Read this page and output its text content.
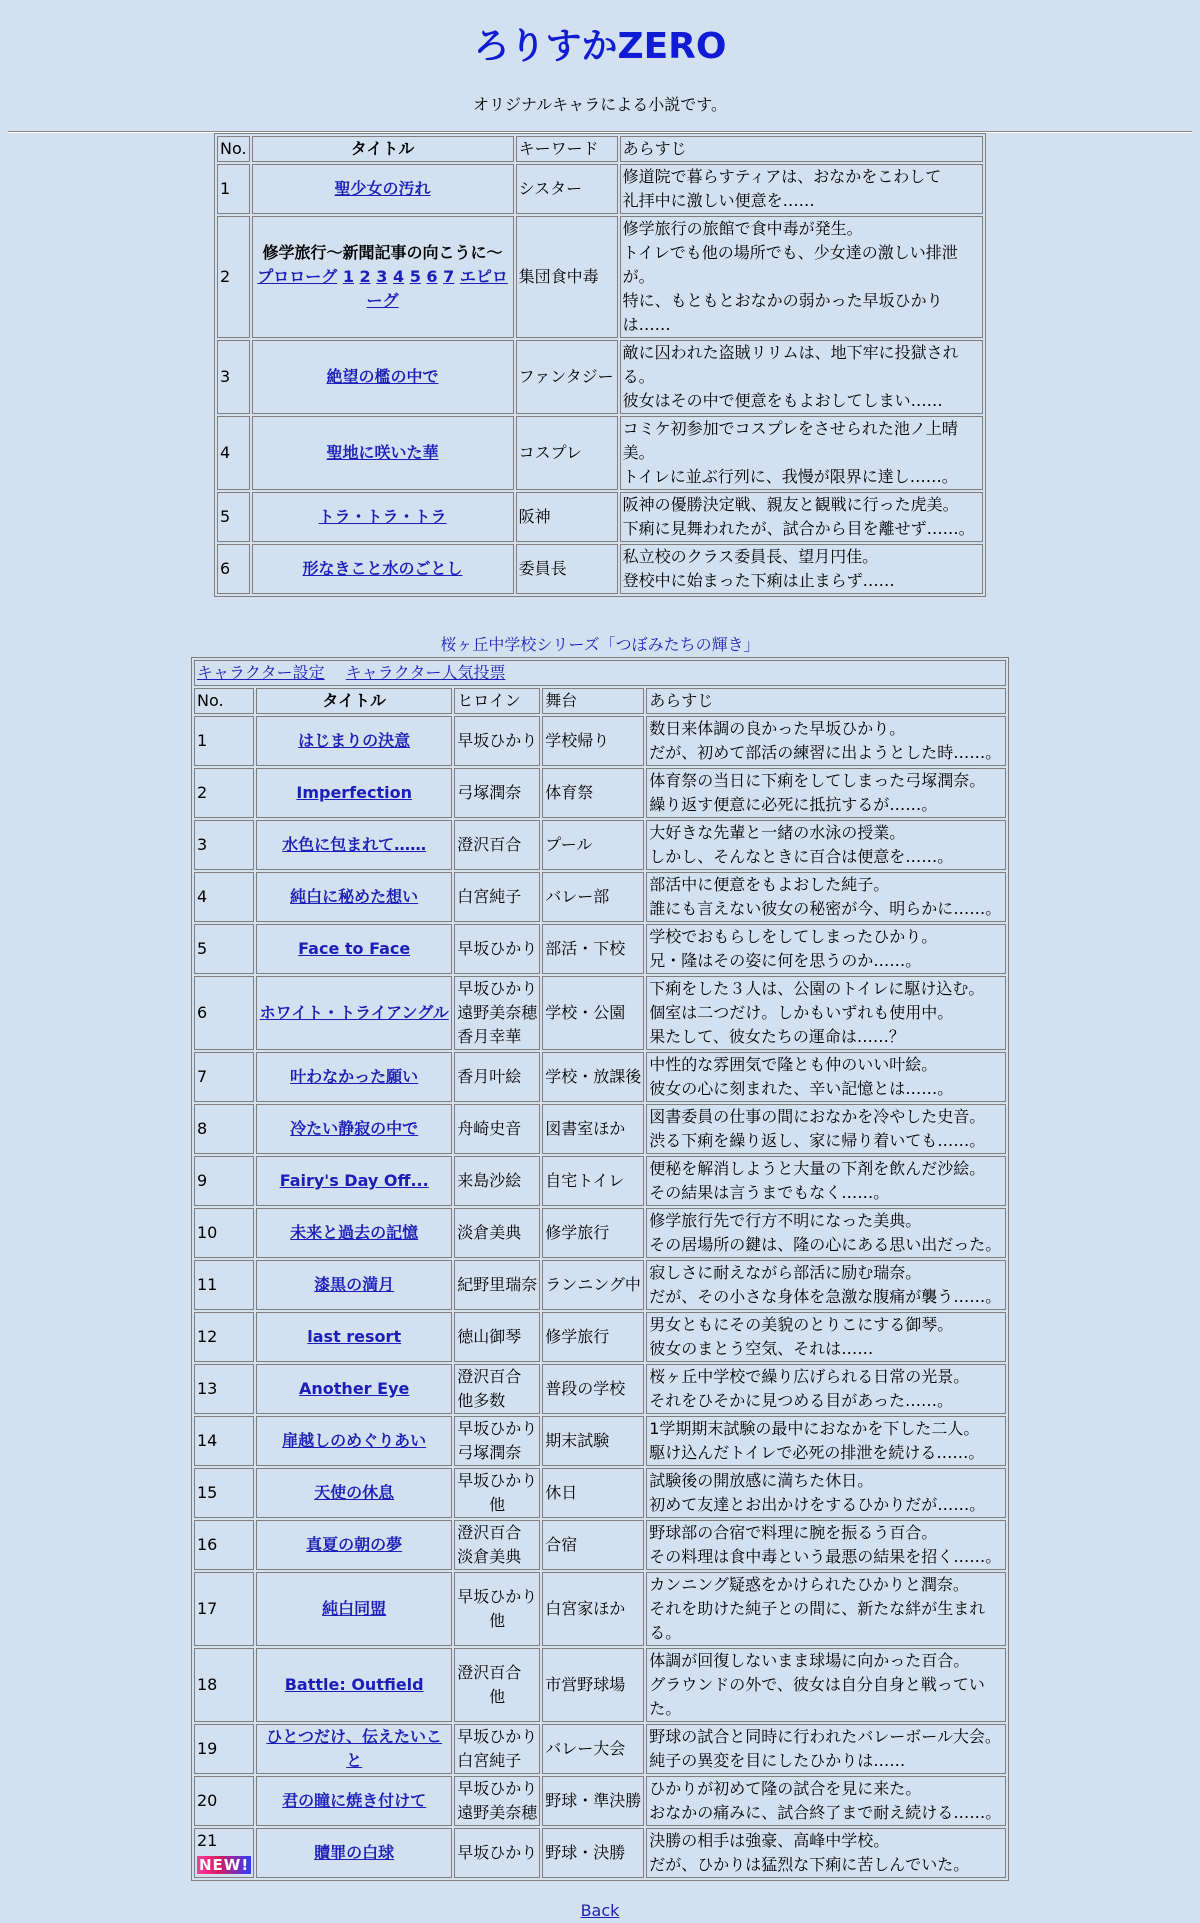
ろりすかZERO

オリジナルキャラによる小説です。

No.	タイトル	キーワード	あらすじ
1	聖少女の汚れ	シスター	修道院で暮らすティアは、おなかをこわして
礼拝中に激しい便意を……
2	修学旅行〜新聞記事の向こうに〜
プロローグ 1 2 3 4 5 6 7 エピローグ	集団食中毒	修学旅行の旅館で食中毒が発生。
トイレでも他の場所でも、少女達の激しい排泄が。
特に、もともとおなかの弱かった早坂ひかりは……
3	絶望の檻の中で	ファンタジー	敵に囚われた盗賊リリムは、地下牢に投獄される。
彼女はその中で便意をもよおしてしまい……
4	聖地に咲いた華	コスプレ	コミケ初参加でコスプレをさせられた池ノ上晴美。
トイレに並ぶ行列に、我慢が限界に達し……。
5	トラ・トラ・トラ	阪神	阪神の優勝決定戦、親友と観戦に行った虎美。
下痢に見舞われたが、試合から目を離せず……。
6	形なきこと水のごとし	委員長	私立校のクラス委員長、望月円佳。
登校中に始まった下痢は止まらず……
桜ヶ丘中学校シリーズ「つぼみたちの輝き」
キャラクター設定 キャラクター人気投票				
No.	タイトル	ヒロイン	舞台	あらすじ
1	はじまりの決意	早坂ひかり	学校帰り	数日来体調の良かった早坂ひかり。
だが、初めて部活の練習に出ようとした時……。
2	Imperfection	弓塚潤奈	体育祭	体育祭の当日に下痢をしてしまった弓塚潤奈。
繰り返す便意に必死に抵抗するが……。
3	水色に包まれて……	澄沢百合	プール	大好きな先輩と一緒の水泳の授業。
しかし、そんなときに百合は便意を……。
4	純白に秘めた想い	白宮純子	バレー部	部活中に便意をもよおした純子。
誰にも言えない彼女の秘密が今、明らかに……。
5	Face to Face	早坂ひかり	部活・下校	学校でおもらしをしてしまったひかり。
兄・隆はその姿に何を思うのか……。
6	ホワイト・トライアングル	早坂ひかり
遠野美奈穂
香月幸華	学校・公園	下痢をした３人は、公園のトイレに駆け込む。
個室は二つだけ。しかもいずれも使用中。
果たして、彼女たちの運命は……？
7	叶わなかった願い	香月叶絵	学校・放課後	中性的な雰囲気で隆とも仲のいい叶絵。
彼女の心に刻まれた、辛い記憶とは……。
8	冷たい静寂の中で	舟崎史音	図書室ほか	図書委員の仕事の間におなかを冷やした史音。
渋る下痢を繰り返し、家に帰り着いても……。
9	Fairy's Day Off...	来島沙絵	自宅トイレ	便秘を解消しようと大量の下剤を飲んだ沙絵。
その結果は言うまでもなく……。
10	未来と過去の記憶	淡倉美典	修学旅行	修学旅行先で行方不明になった美典。
その居場所の鍵は、隆の心にある思い出だった。
11	漆黒の満月	紀野里瑞奈	ランニング中	寂しさに耐えながら部活に励む瑞奈。
だが、その小さな身体を急激な腹痛が襲う……。
12	last resort	徳山御琴	修学旅行	男女ともにその美貌のとりこにする御琴。
彼女のまとう空気、それは……
13	Another Eye	澄沢百合
他多数	普段の学校	桜ヶ丘中学校で繰り広げられる日常の光景。
それをひそかに見つめる目があった……。
14	扉越しのめぐりあい	早坂ひかり
弓塚潤奈	期末試験	1学期期末試験の最中におなかを下した二人。
駆け込んだトイレで必死の排泄を続ける……。
15	天使の休息	早坂ひかり
他	休日	試験後の開放感に満ちた休日。
初めて友達とお出かけをするひかりだが……。
16	真夏の朝の夢	澄沢百合
淡倉美典	合宿	野球部の合宿で料理に腕を振るう百合。
その料理は食中毒という最悪の結果を招く……。
17	純白同盟	早坂ひかり
他	白宮家ほか	カンニング疑惑をかけられたひかりと潤奈。
それを助けた純子との間に、新たな絆が生まれる。
18	Battle: Outfield	澄沢百合
他	市営野球場	体調が回復しないまま球場に向かった百合。
グラウンドの外で、彼女は自分自身と戦っていた。
19	ひとつだけ、伝えたいこと	早坂ひかり
白宮純子	バレー大会	野球の試合と同時に行われたバレーボール大会。
純子の異変を目にしたひかりは……
20	君の瞳に焼き付けて	早坂ひかり
遠野美奈穂	野球・準決勝	ひかりが初めて隆の試合を見に来た。
おなかの痛みに、試合終了まで耐え続ける……。
21
NEW!	贖罪の白球	早坂ひかり	野球・決勝	決勝の相手は強豪、高峰中学校。
だが、ひかりは猛烈な下痢に苦しんでいた。
Back
